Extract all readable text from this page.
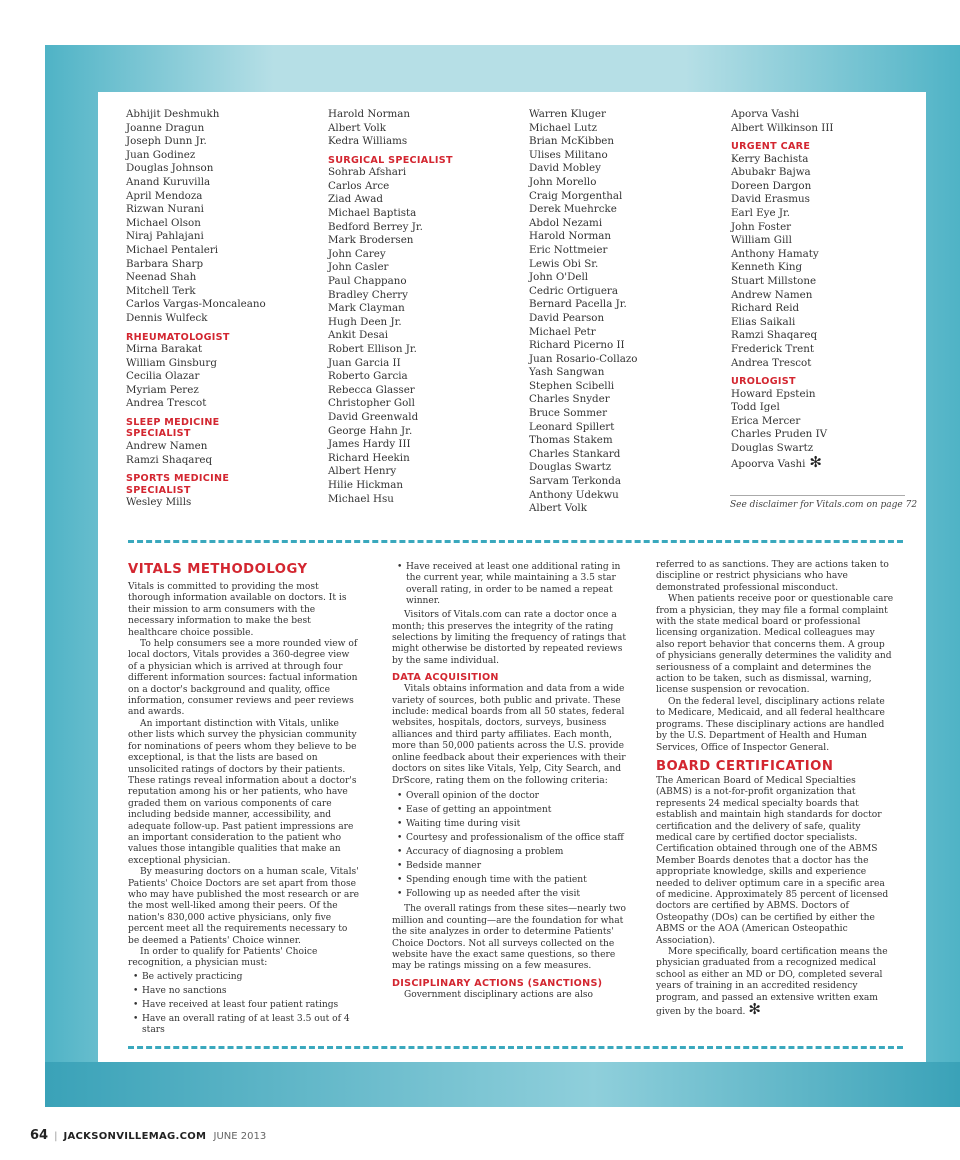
Abhijit Deshmukh
Joanne Dragun
Joseph Dunn Jr.
Juan Godinez
Douglas Johnson
Anand Kuruvilla
April Mendoza
Rizwan Nurani
Michael Olson
Niraj Pahlajani
Michael Pentaleri
Barbara Sharp
Neenad Shah
Mitchell Terk
Carlos Vargas-Moncaleano
Dennis Wulfeck
RHEUMATOLOGIST
Mirna Barakat
William Ginsburg
Cecilia Olazar
Myriam Perez
Andrea Trescot
SLEEP MEDICINE SPECIALIST
Andrew Namen
Ramzi Shaqareq
SPORTS MEDICINE SPECIALIST
Wesley Mills
Harold Norman
Albert Volk
Kedra Williams
SURGICAL SPECIALIST
Sohrab Afshari
Carlos Arce
Ziad Awad
Michael Baptista
Bedford Berrey Jr.
Mark Brodersen
John Carey
John Casler
Paul Chappano
Bradley Cherry
Mark Clayman
Hugh Deen Jr.
Ankit Desai
Robert Ellison Jr.
Juan Garcia II
Roberto Garcia
Rebecca Glasser
Christopher Goll
David Greenwald
George Hahn Jr.
James Hardy III
Richard Heekin
Albert Henry
Hilie Hickman
Michael Hsu
Warren Kluger
Michael Lutz
Brian McKibben
Ulises Militano
David Mobley
John Morello
Craig Morgenthal
Derek Muehrcke
Abdol Nezami
Harold Norman
Eric Nottmeier
Lewis Obi Sr.
John O'Dell
Cedric Ortiguera
Bernard Pacella Jr.
David Pearson
Michael Petr
Richard Picerno II
Juan Rosario-Collazo
Yash Sangwan
Stephen Scibelli
Charles Snyder
Bruce Sommer
Leonard Spillert
Thomas Stakem
Charles Stankard
Douglas Swartz
Sarvam Terkonda
Anthony Udekwu
Albert Volk
Aporva Vashi
Albert Wilkinson III
URGENT CARE
Kerry Bachista
Abubakr Bajwa
Doreen Dargon
David Erasmus
Earl Eye Jr.
John Foster
William Gill
Anthony Hamaty
Kenneth King
Stuart Millstone
Andrew Namen
Richard Reid
Elias Saikali
Ramzi Shaqareq
Frederick Trent
Andrea Trescot
UROLOGIST
Howard Epstein
Todd Igel
Erica Mercer
Charles Pruden IV
Douglas Swartz
Apoorva Vashi ✻
See disclaimer for Vitals.com on page 72
VITALS METHODOLOGY

Vitals is committed to providing the most thorough information available on doctors. It is their mission to arm consumers with the necessary information to make the best healthcare choice possible.

To help consumers see a more rounded view of local doctors, Vitals provides a 360-degree view of a physician which is arrived at through four different information sources: factual information on a doctor's background and quality, office information, consumer reviews and peer reviews and awards.

An important distinction with Vitals, unlike other lists which survey the physician community for nominations of peers whom they believe to be exceptional, is that the lists are based on unsolicited ratings of doctors by their patients. These ratings reveal information about a doctor's reputation among his or her patients, who have graded them on various components of care including bedside manner, accessibility, and adequate follow-up. Past patient impressions are an important consideration to the patient who values those intangible qualities that make an exceptional physician.

By measuring doctors on a human scale, Vitals' Patients' Choice Doctors are set apart from those who may have published the most research or are the most well-liked among their peers. Of the nation's 830,000 active physicians, only five percent meet all the requirements necessary to be deemed a Patients' Choice winner.

In order to qualify for Patients' Choice recognition, a physician must:

• Be actively practicing
• Have no sanctions
• Have received at least four patient ratings
• Have an overall rating of at least 3.5 out of 4 stars
• Have received at least one additional rating in the current year, while maintaining a 3.5 star overall rating, in order to be named a repeat winner.

Visitors of Vitals.com can rate a doctor once a month; this preserves the integrity of the rating selections by limiting the frequency of ratings that might otherwise be distorted by repeated reviews by the same individual.

DATA ACQUISITION

Vitals obtains information and data from a wide variety of sources, both public and private. These include: medical boards from all 50 states, federal websites, hospitals, doctors, surveys, business alliances and third party affiliates. Each month, more than 50,000 patients across the U.S. provide online feedback about their experiences with their doctors on sites like Vitals, Yelp, City Search, and DrScore, rating them on the following criteria:

• Overall opinion of the doctor
• Ease of getting an appointment
• Waiting time during visit
• Courtesy and professionalism of the office staff
• Accuracy of diagnosing a problem
• Bedside manner
• Spending enough time with the patient
• Following up as needed after the visit

The overall ratings from these sites—nearly two million and counting—are the foundation for what the site analyzes in order to determine Patients' Choice Doctors. Not all surveys collected on the website have the exact same questions, so there may be ratings missing on a few measures.

DISCIPLINARY ACTIONS (SANCTIONS)

Government disciplinary actions are also

referred to as sanctions. They are actions taken to discipline or restrict physicians who have demonstrated professional misconduct.

When patients receive poor or questionable care from a physician, they may file a formal complaint with the state medical board or professional licensing organization. Medical colleagues may also report behavior that concerns them. A group of physicians generally determines the validity and seriousness of a complaint and determines the action to be taken, such as dismissal, warning, license suspension or revocation.

On the federal level, disciplinary actions relate to Medicare, Medicaid, and all federal healthcare programs. These disciplinary actions are handled by the U.S. Department of Health and Human Services, Office of Inspector General.

BOARD CERTIFICATION

The American Board of Medical Specialties (ABMS) is a not-for-profit organization that represents 24 medical specialty boards that establish and maintain high standards for doctor certification and the delivery of safe, quality medical care by certified doctor specialists. Certification obtained through one of the ABMS Member Boards denotes that a doctor has the appropriate knowledge, skills and experience needed to deliver optimum care in a specific area of medicine. Approximately 85 percent of licensed doctors are certified by ABMS. Doctors of Osteopathy (DOs) can be certified by either the ABMS or the AOA (American Osteopathic Association).

More specifically, board certification means the physician graduated from a recognized medical school as either an MD or DO, completed several years of training in an accredited residency program, and passed an extensive written exam given by the board. ✻

64 | JACKSONVILLEMAG.COM JUNE 2013
